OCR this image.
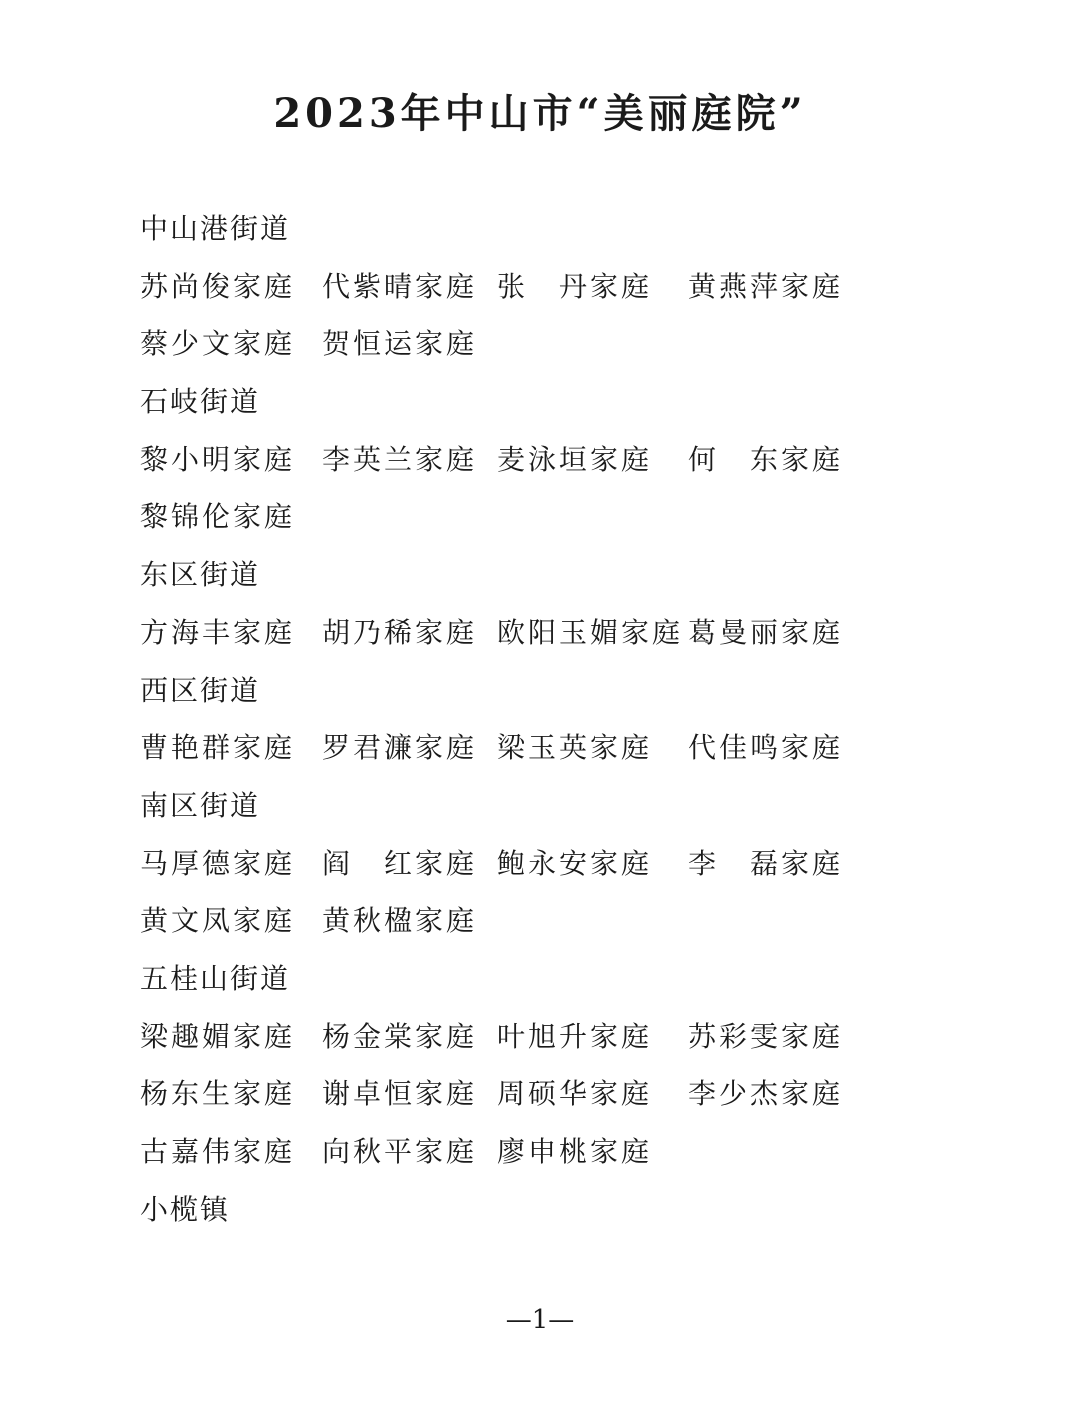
2023年中山市“美丽庭院”
中山港街道
苏尚俊家庭 代紫晴家庭 张　丹家庭 黄燕萍家庭
蔡少文家庭 贺恒运家庭
石岐街道
黎小明家庭 李英兰家庭 麦泳垣家庭 何　东家庭
黎锦伦家庭
东区街道
方海丰家庭 胡乃稀家庭 欧阳玉媚家庭 葛曼丽家庭
西区街道
曹艳群家庭 罗君濂家庭 梁玉英家庭 代佳鸣家庭
南区街道
马厚德家庭 阎　红家庭 鲍永安家庭 李　磊家庭
黄文凤家庭 黄秋楹家庭
五桂山街道
梁趣媚家庭 杨金棠家庭 叶旭升家庭 苏彩雯家庭
杨东生家庭 谢卓恒家庭 周硕华家庭 李少杰家庭
古嘉伟家庭 向秋平家庭 廖申桃家庭
小榄镇
—1—
